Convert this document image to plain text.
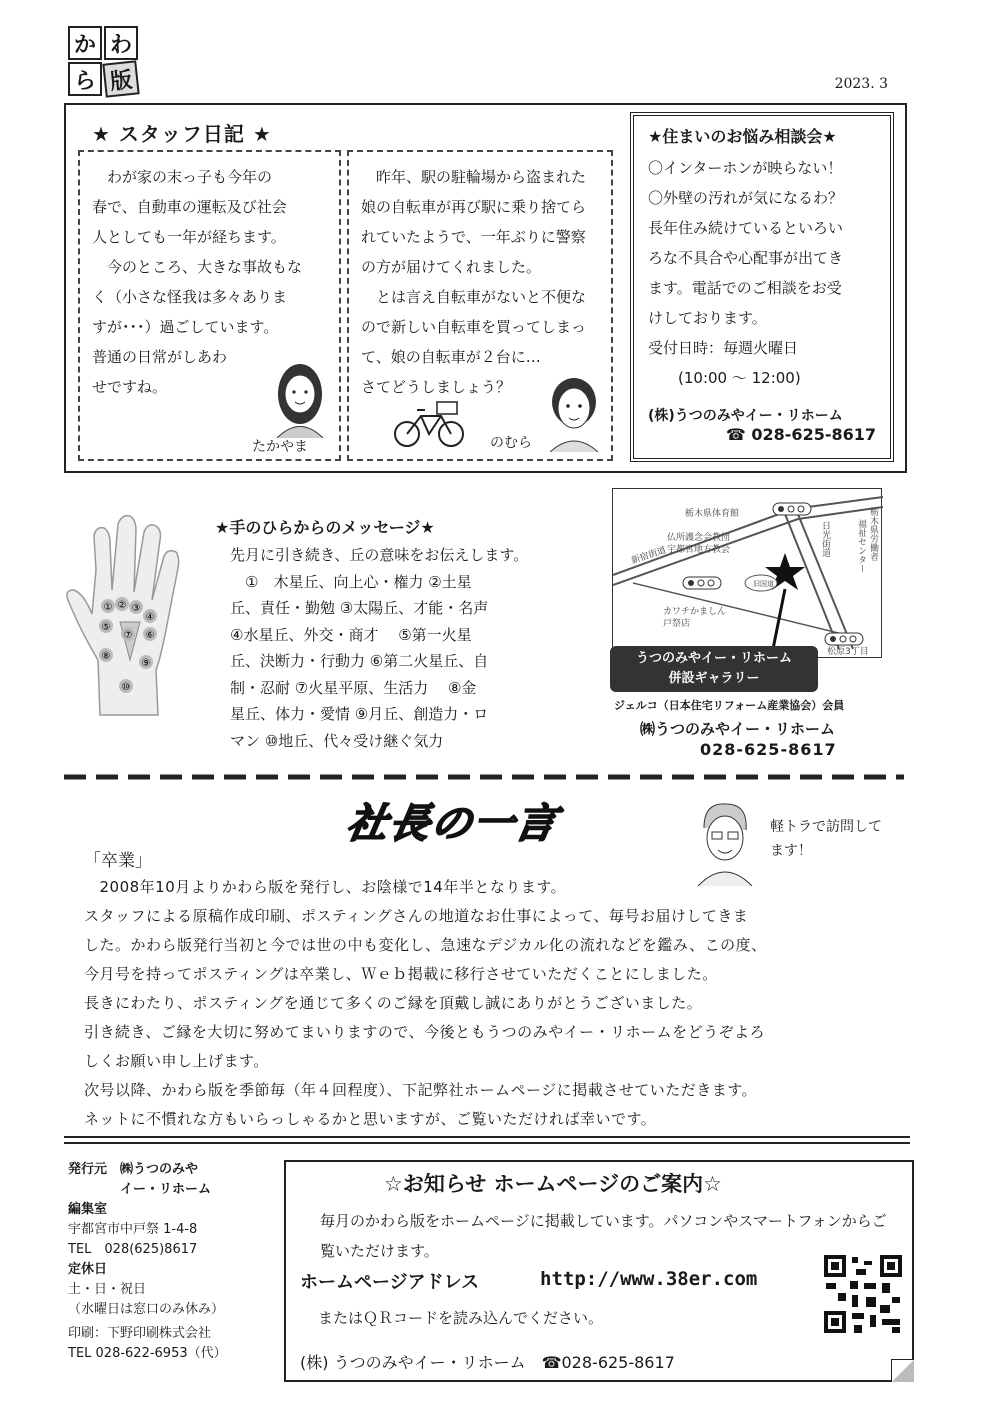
か わ
ら 版	2023. 3
★ スタッフ日記 ★

　わが家の末っ子も今年の

春で、自動車の運転及び社会

人としても一年が経ちます。

　今のところ、大きな事故もな

く（小さな怪我は多々ありま

すが･･･）過ごしています。

普通の日常がしあわ

せですね。

たかやま

　昨年、駅の駐輪場から盗まれた

娘の自転車が再び駅に乗り捨てら

れていたようで、一年ぶりに警察

の方が届けてくれました。

　とは言え自転車がないと不便な

ので新しい自転車を買ってしまっ

て、娘の自転車が２台に…

さてどうしましょう？

のむら
★住まいのお悩み相談会★
〇インターホンが映らない！
〇外壁の汚れが気になるわ？
長年住み続けているといろい
ろな不具合や心配事が出てき
ます。電話でのご相談をお受
けしております。
受付日時：毎週火曜日
　　(10:00 ～ 12:00)
(株)うつのみやイー・リホーム
☎ 028-625-8617
① ② ③
④
⑤
⑥
⑦
⑧
⑨
⑩
★手のひらからのメッセージ★
先月に引き続き、丘の意味をお伝えします。
　①　木星丘、向上心・権力 ②土星
丘、責任・勤勉 ③太陽丘、才能・名声
④水星丘、外交・商才　 ⑤第一火星
丘、決断力・行動力 ⑥第二火星丘、自
制・忍耐 ⑦火星平原、生活力　 ⑧金
星丘、体力・愛情 ⑨月丘、創造力・ロ
マン ⑩地丘、代々受け継ぐ気力
栃木県体育館
日光街道
仏所護念会教団
宇都宮地方教会
新宿街道	栃木県労働者
福祉センター
カワチかましん
戸祭店
松原3丁目
旧国道
うつのみやイー・リホーム
併設ギャラリー
ジェルコ（日本住宅リフォーム産業協会）会員
㈱うつのみやイー・リホーム
028-625-8617
社長の一言	軽トラで訪問して
ます！
「卒業」

　2008年10月よりかわら版を発行し、お陰様で14年半となります。

スタッフによる原稿作成印刷、ポスティングさんの地道なお仕事によって、毎号お届けしてきま

した。かわら版発行当初と今では世の中も変化し、急速なデジカル化の流れなどを鑑み、この度、

今月号を持ってポスティングは卒業し、Ｗｅｂ掲載に移行させていただくことにしました。

長きにわたり、ポスティングを通じて多くのご縁を頂戴し誠にありがとうございました。

引き続き、ご縁を大切に努めてまいりますので、今後ともうつのみやイー・リホームをどうぞよろ

しくお願い申し上げます。

次号以降、かわら版を季節毎（年４回程度）、下記弊社ホームページに掲載させていただきます。

ネットに不慣れな方もいらっしゃるかと思いますが、ご覧いただければ幸いです。

発行元　㈱うつのみや
　　　　イー・リホーム
編集室
宇都宮市中戸祭 1-4-8
TEL　028(625)8617
定休日
土・日・祝日
（水曜日は窓口のみ休み）
印刷：下野印刷株式会社
TEL 028-622-6953（代）
☆お知らせ ホームページのご案内☆
毎月のかわら版をホームページに掲載しています。パソコンやスマートフォンからご覧いただけます。
ホームページアドレス	http://www.38er.com
またはＱＲコードを読み込んでください。
(株) うつのみやイー・リホーム　☎028-625-8617
